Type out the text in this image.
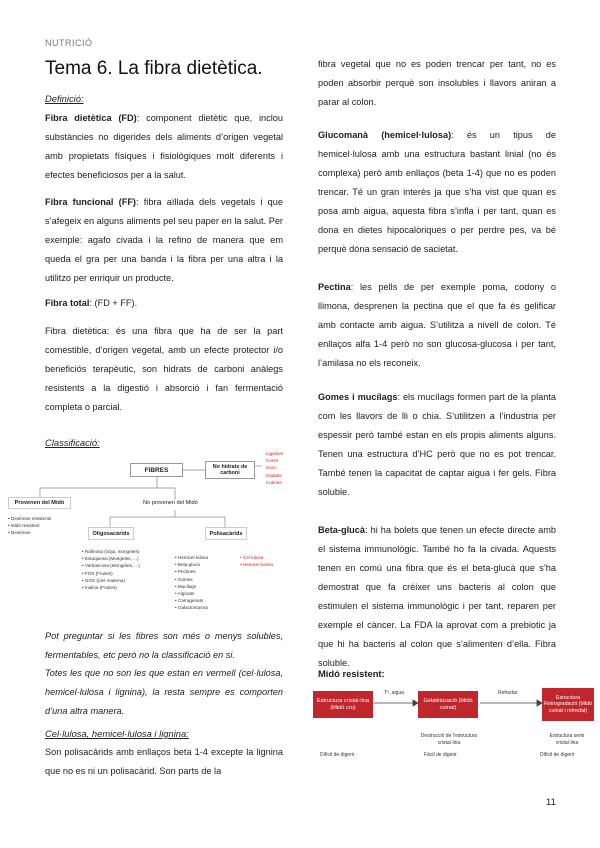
NUTRICIÓ
Tema 6. La fibra dietètica.
Definició:

Fibra dietètica (FD): component dietètic que, inclou substàncies no digerides dels aliments d’origen vegetal amb propietats físiques i fisiològiques molt diferents i efectes beneficiosos per a la salut.

Fibra funcional (FF): fibra aïllada dels vegetals i que s’afegeix en alguns aliments pel seu paper en la salut. Per exemple: agafo civada i la refino de manera que em queda el gra per una banda i la fibra per una altra i la utilitzo per enriquir un producte.

Fibra total: (FD + FF).

Fibra dietètica: és una fibra que ha de ser la part comestible, d’origen vegetal, amb un efecte protector i/o beneficiós terapèutic, son hidrats de carboni anàlegs resistents a la digestió i absorció i fan fermentació completa o parcial.

Classificació:
FIBRES	No hidrats de carboni
Lignines
Ceres
Suro
Oxalats
Cutines
Provenen del Midó	No provenen del Midó
• Dextrines resistents
• Midó resistent
• Dextrines	Oligosacàrids
• Rafinosa (Soja, mongetes)
• Estaquiosa (Mongetes, ...)
• Verbascosa (Mongetes, ...)
• FOS (Fruites)
• GOS (Llet materna)
• Inulina (Fruites)
Polisacàrids
• Hemicel·lulosa
• Beta-glucà
• Pectines
• Gomes
• Mucílags
• Algínats
• Carragenats
• Galactomannà
• Cel·lulosa
• Hemicel·lulosa

Pot preguntar si les fibres son més o menys solubles, fermentables, etc però no la classificació en si.

Totes les que no son les que estan en vermell (cel·lulosa, hemicel·lulosa i lignina), la resta sempre es comporten d’una altra manera.

Cel·lulosa, hemicel·lulosa i lignina:

Son polisacàrids amb enllaços beta 1-4 excepte la lignina que no es ni un polisacàrid. Son parts de la

fibra vegetal que no es poden trencar per tant, no es poden absorbir perquè son insolubles i llavors aniran a parar al colon.

Glucomanà (hemicel·lulosa): és un tipus de hemicel·lulosa amb una estructura bastant linial (no és complexa) però amb enllaços (beta 1-4) que no es poden trencar. Té un gran interès ja que s’ha vist que quan es posa amb aigua, aquesta fibra s’infla i per tant, quan es dona en dietes hipocalòriques o per perdre pes, va bé perquè dóna sensació de sacietat.

Pectina: les pells de per exemple poma, codony o llimona, desprenen la pectina que el que fa és gelificar amb contacte amb aigua. S’utilitza a nivell de colon. Té enllaços alfa 1-4 però no son glucosa-glucosa i per tant, l’amilasa no els reconeix.

Gomes i mucílags: els mucílags formen part de la planta com les llavors de lli o chia. S’utilitzen a l’industria per espessir però també estan en els propis aliments alguns. Tenen una estructura d’HC però que no es pot trencar. També tenen la capacitat de captar aigua i fer gels. Fibra soluble.

Beta-glucà: hi ha bolets que tenen un efecte directe amb el sistema immunològic. També ho fa la civada. Aquests tenen en comú una fibra que és el beta-glucà que s’ha demostrat que fa créixer uns bacteris al colon que estimulen el sistema immunològic i per tant, reparen per exemple el càncer. La FDA la aprovat com a prebiotic ja que hi ha bacteris al colon que s’alimenten d’ella. Fibra soluble.

Midó resistent:
Estructura cristal·lina (Midó cru)
Gelatinització (Midó cuinat)
Estructura Retrogradació (Midó cuinat i refredat)
Tº, aigua	Refredar
Difícil de digerir
Destrucció de l’estructura cristal·lina
Fàcil de digerir
Estructura semi cristal·lina
Difícil de digerir
11
